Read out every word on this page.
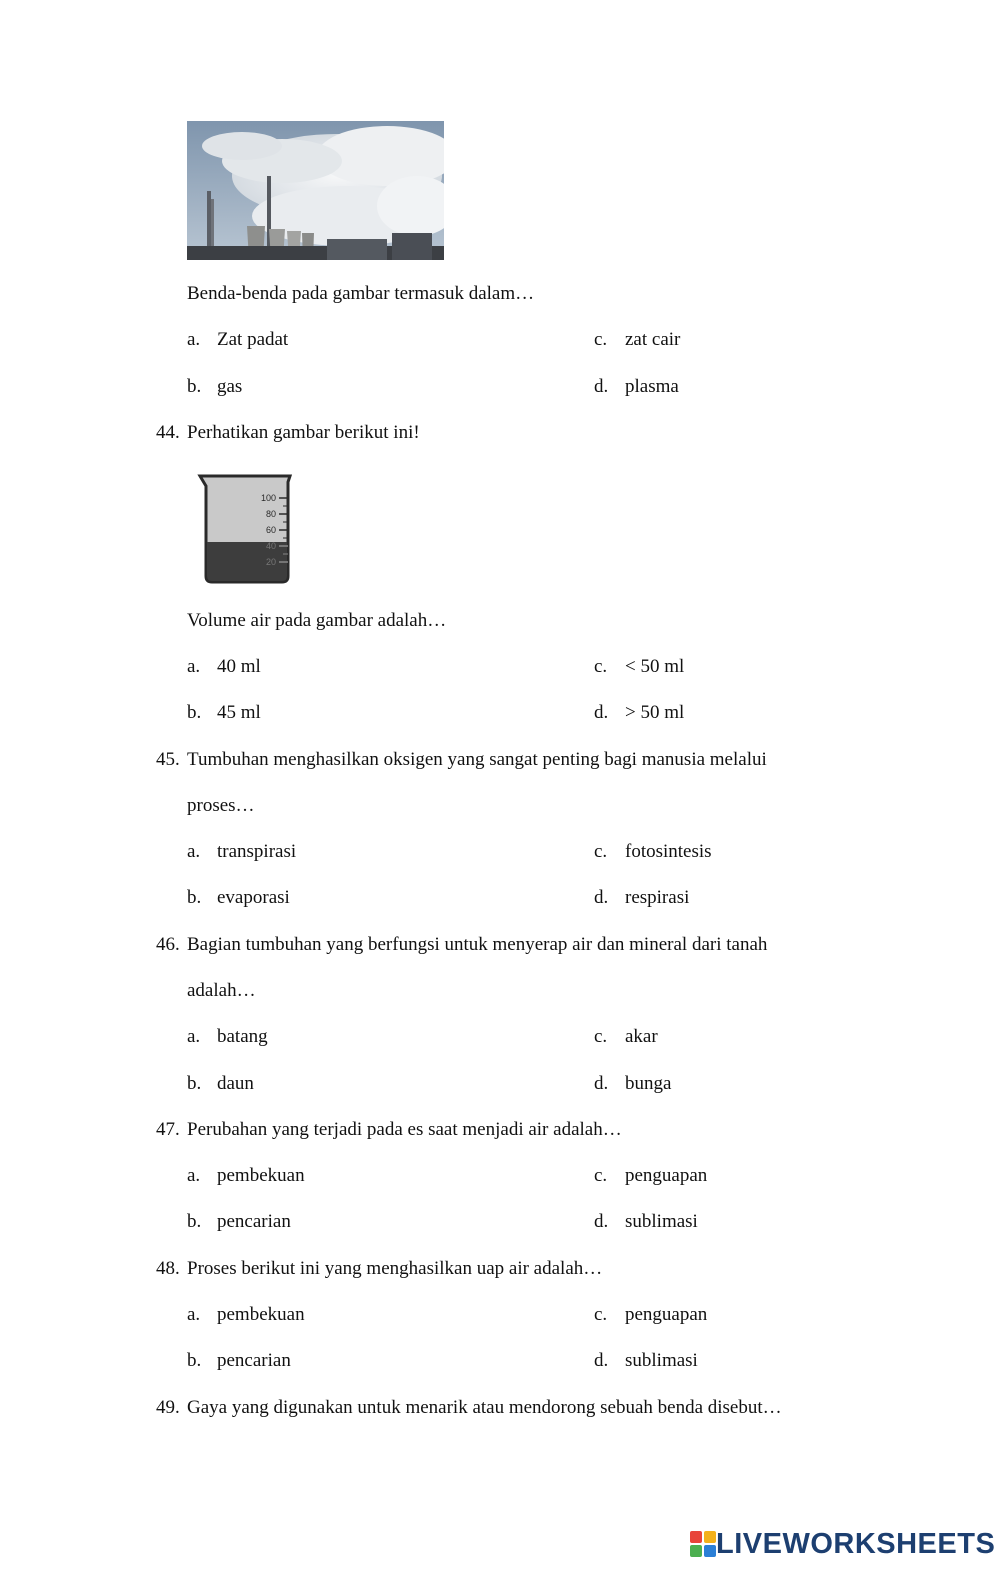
Benda-benda pada gambar termasuk dalam…
a. Zat padat
b. gas
c. zat cair
d. plasma
44. Perhatikan gambar berikut ini!
100
80
60
40
20
Volume air pada gambar adalah…
a. 40 ml
b. 45 ml
c. < 50 ml
d. > 50 ml
45. Tumbuhan menghasilkan oksigen yang sangat penting bagi manusia melalui
proses…
a. transpirasi
b. evaporasi
c. fotosintesis
d. respirasi
46. Bagian tumbuhan yang berfungsi untuk menyerap air dan mineral dari tanah
adalah…
a. batang
b. daun
c. akar
d. bunga
47. Perubahan yang terjadi pada es saat menjadi air adalah…
a. pembekuan
b. pencarian
c. penguapan
d. sublimasi
48. Proses berikut ini yang menghasilkan uap air adalah…
a. pembekuan
b. pencarian
c. penguapan
d. sublimasi
49. Gaya yang digunakan untuk menarik atau mendorong sebuah benda disebut…
LIVEWORKSHEETS
